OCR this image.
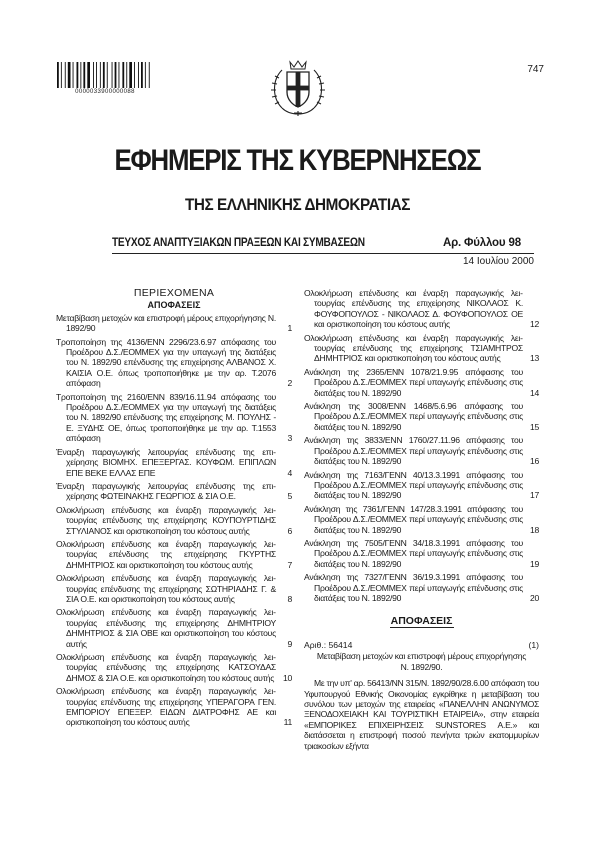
0000033900000088
747
ΕΦΗΜΕΡΙΣ ΤΗΣ ΚΥΒΕΡΝΗΣΕΩΣ
ΤΗΣ ΕΛΛΗΝΙΚΗΣ ΔΗΜΟΚΡΑΤΙΑΣ
ΤΕΥΧΟΣ ΑΝΑΠΤΥΞΙΑΚΩΝ ΠΡΑΞΕΩΝ ΚΑΙ ΣΥΜΒΑΣΕΩΝ	Αρ. Φύλλου 98
14 Ιουλίου 2000
ΠΕΡΙΕΧΟΜΕΝΑ
ΑΠΟΦΑΣΕΙΣ
Μεταβίβαση μετοχών και επιστροφή μέρους επιχορήγησης Ν. 1892/90	1
Τροποποίηση της 4136/ΕΝΝ 2296/23.6.97 απόφασης του Προέδρου Δ.Σ./ΕΟΜΜΕΧ για την υπαγωγή της διατάξεις του Ν. 1892/90 επένδυσης της επιχείρησης ΑΛΒΑΝΟΣ Χ. ΚΑΙΣΙΑ Ο.Ε. όπως τροποποιήθηκε με την αρ. Τ.2076 απόφαση	2
Τροποποίηση της 2160/ΕΝΝ 839/16.11.94 απόφασης του Προέδρου Δ.Σ./ΕΟΜΜΕΧ για την υπαγωγή της διατάξεις του Ν. 1892/90 επένδυσης της επιχείρησης Μ. ΠΟΥΛΗΣ - Ε. ΞΥΔΗΣ ΟΕ, όπως τροποποιήθηκε με την αρ. Τ.1553 απόφαση	3
Έναρξη παραγωγικής λειτουργίας επένδυσης της επιχείρησης ΒΙΟΜΗΧ. ΕΠΕΞΕΡΓΑΣ. ΚΟΥΦΩΜ. ΕΠΙΠΛΩΝ ΕΠΕ ΒΕΚΕ ΕΛΛΑΣ ΕΠΕ	4
Έναρξη παραγωγικής λειτουργίας επένδυσης της επιχείρησης ΦΩΤΕΙΝΑΚΗΣ ΓΕΩΡΓΙΟΣ & ΣΙΑ Ο.Ε.	5
Ολοκλήρωση επένδυσης και έναρξη παραγωγικής λειτουργίας επένδυσης της επιχείρησης ΚΟΥΠΟΥΡΤΙΔΗΣ ΣΤΥΛΙΑΝΟΣ και οριστικοποίηση του κόστους αυτής	6
Ολοκλήρωση επένδυσης και έναρξη παραγωγικής λειτουργίας επένδυσης της επιχείρησης ΓΚΥΡΤΗΣ ΔΗΜΗΤΡΙΟΣ και οριστικοποίηση του κόστους αυτής	7
Ολοκλήρωση επένδυσης και έναρξη παραγωγικής λειτουργίας επένδυσης της επιχείρησης ΣΩΤΗΡΙΑΔΗΣ Γ. & ΣΙΑ Ο.Ε. και οριστικοποίηση του κόστους αυτής	8
Ολοκλήρωση επένδυσης και έναρξη παραγωγικής λειτουργίας επένδυσης της επιχείρησης ΔΗΜΗΤΡΙΟΥ ΔΗΜΗΤΡΙΟΣ & ΣΙΑ ΟΒΕ και οριστικοποίηση του κόστους αυτής	9
Ολοκλήρωση επένδυσης και έναρξη παραγωγικής λειτουργίας επένδυσης της επιχείρησης ΚΑΤΣΟΥΔΑΣ ΔΗΜΟΣ & ΣΙΑ Ο.Ε. και οριστικοποίηση του κόστους αυτής	10
Ολοκλήρωση επένδυσης και έναρξη παραγωγικής λειτουργίας επένδυσης της επιχείρησης ΥΠΕΡΑΓΟΡΑ ΓΕΝ. ΕΜΠΟΡΙΟΥ ΕΠΕΞΕΡ. ΕΙΔΩΝ ΔΙΑΤΡΟΦΗΣ ΑΕ και οριστικοποίηση του κόστους αυτής	11
Ολοκλήρωση επένδυσης και έναρξη παραγωγικής λειτουργίας επένδυσης της επιχείρησης ΝΙΚΟΛΑΟΣ Κ. ΦΟΥΦΟΠΟΥΛΟΣ - ΝΙΚΟΛΑΟΣ Δ. ΦΟΥΦΟΠΟΥΛΟΣ ΟΕ και οριστικοποίηση του κόστους αυτής	12
Ολοκλήρωση επένδυσης και έναρξη παραγωγικής λειτουργίας επένδυσης της επιχείρησης ΤΣΙΑΜΗΤΡΟΣ ΔΗΜΗΤΡΙΟΣ και οριστικοποίηση του κόστους αυτής	13
Ανάκληση της 2365/ΕΝΝ 1078/21.9.95 απόφασης του Προέδρου Δ.Σ./ΕΟΜΜΕΧ περί υπαγωγής επένδυσης στις διατάξεις του Ν. 1892/90	14
Ανάκληση της 3008/ΕΝΝ 1468/5.6.96 απόφασης του Προέδρου Δ.Σ./ΕΟΜΜΕΧ περί υπαγωγής επένδυσης στις διατάξεις του Ν. 1892/90	15
Ανάκληση της 3833/ΕΝΝ 1760/27.11.96 απόφασης του Προέδρου Δ.Σ./ΕΟΜΜΕΧ περί υπαγωγής επένδυσης στις διατάξεις του Ν. 1892/90	16
Ανάκληση της 7163/ΓΕΝΝ 40/13.3.1991 απόφασης του Προέδρου Δ.Σ./ΕΟΜΜΕΧ περί υπαγωγής επένδυσης στις διατάξεις του Ν. 1892/90	17
Ανάκληση της 7361/ΓΕΝΝ 147/28.3.1991 απόφασης του Προέδρου Δ.Σ./ΕΟΜΜΕΧ περί υπαγωγής επένδυσης στις διατάξεις του Ν. 1892/90	18
Ανάκληση της 7505/ΓΕΝΝ 34/18.3.1991 απόφασης του Προέδρου Δ.Σ./ΕΟΜΜΕΧ περί υπαγωγής επένδυσης στις διατάξεις του Ν. 1892/90	19
Ανάκληση της 7327/ΓΕΝΝ 36/19.3.1991 απόφασης του Προέδρου Δ.Σ./ΕΟΜΜΕΧ περί υπαγωγής επένδυσης στις διατάξεις του Ν. 1892/90	20
ΑΠΟΦΑΣΕΙΣ
Αριθ.: 56414	(1)
Μεταβίβαση μετοχών και επιστροφή μέρους επιχορήγησης Ν. 1892/90.
Με την υπ' αρ. 56413/ΝΝ 315/Ν. 1892/90/28.6.00 απόφαση του Υφυπουργού Εθνικής Οικονομίας εγκρίθηκε η μεταβίβαση του συνόλου των μετοχών της εταιρείας «ΠΑΝΕΛΛΗΝ ΑΝΩΝΥΜΟΣ ΞΕΝΟΔΟΧΕΙΑΚΗ ΚΑΙ ΤΟΥΡΙΣΤΙΚΗ ΕΤΑΙΡΕΙΑ», στην εταιρεία «ΕΜΠΟΡΙΚΕΣ ΕΠΙΧΕΙΡΗΣΕΙΣ SUNSTORES Α.Ε.» και διατάσσεται η επιστροφή ποσού πενήντα τριών εκατομμυρίων τριακοσίων εξήντα
